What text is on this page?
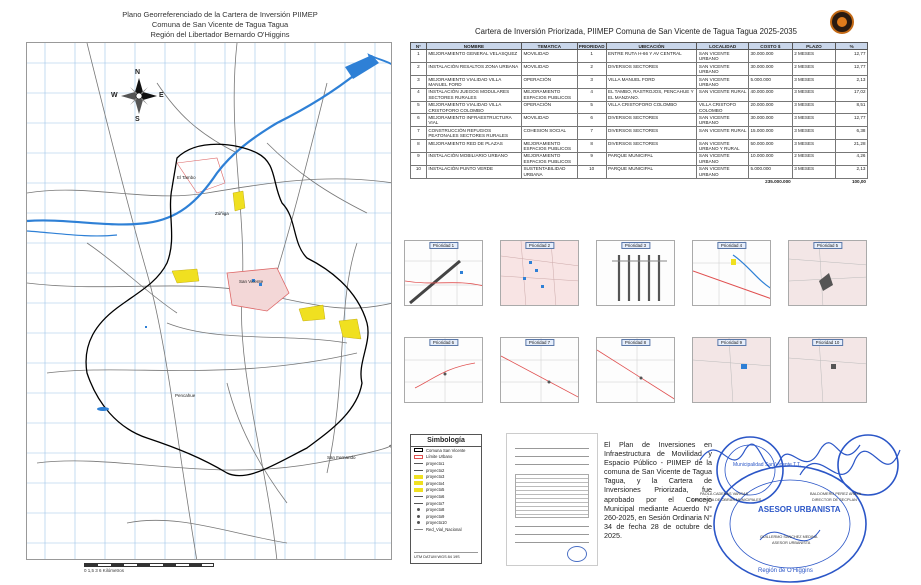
Plano Georreferenciado de la Cartera de Inversión PIIMEP
Comuna de San Vicente de Tagua Tagua
Región del Libertador Bernardo O'Higgins
N
S
E
W
San Vicente
El Tambo
Zúñiga
Pencahue
San Fernando
0 1,5 3 6 Kilómetros
Simbología
Comuna San Vicente
Límite Urbano
proyecto1
proyecto2
proyecto3
proyecto4
proyecto5
proyecto6
proyecto7
proyecto8
proyecto9
proyecto10
Red_Vial_Nacional
UTM DATUM WGS 84 19S
Cartera de Inversión Priorizada, PIIMEP Comuna de San Vicente de Tagua Tagua 2025-2035
N°	NOMBRE	TEMATICA	PRIORIDAD	UBICACIÓN	LOCALIDAD	COSTO $	PLAZO	%
1	MEJORAMIENTO GENERAL VELASQUEZ	MOVILIDAD	1	ENTRE RUTA H-66 Y AV CENTRAL	SAN VICENTE URBANO	30.000.000	2 MESES	12,77
2	INSTALACIÓN RESALTOS ZONA URBANA	MOVILIDAD	2	DIVERSOS SECTORES	SAN VICENTE URBANO	30.000.000	2 MESES	12,77
3	MEJORAMIENTO VIALIDAD VILLA MANUEL FORD	OPERACIÓN	3	VILLA MANUEL FORD	SAN VICENTE URBANO	5.000.000	3 MESES	2,13
4	INSTALACIÓN JUEGOS MODULARES SECTORES RURALES	MEJORAMIENTO ESPACIOS PUBLICOS	4	EL TAMBO, RASTROJOS, PENCAHUE Y EL MANZANO.	SAN VICENTE RURAL	40.000.000	3 MESES	17,02
5	MEJORAMIENTO VIALIDAD VILLA CRISTOFORO COLOMBO	OPERACIÓN	5	VILLA CRISTOFORO COLOMBO	VILLA CRISTOFO COLOMBO	20.000.000	3 MESES	8,51
6	MEJORAMIENTO INFRAESTRUCTURA VIAL	MOVILIDAD	6	DIVERSOS SECTORES	SAN VICENTE URBANO	30.000.000	3 MESES	12,77
7	CONSTRUCCIÓN REFUGIOS PEATONALES SECTORES RURALES	COHESION SOCIAL	7	DIVERSOS SECTORES	SAN VICENTE RURAL	15.000.000	3 MESES	6,38
8	MEJORAMIENTO RED DE PLAZAS	MEJORAMIENTO ESPACIOS PUBLICOS	8	DIVERSOS SECTORES	SAN VICENTE URBANO Y RURAL	50.000.000	3 MESES	21,28
9	INSTALACIÓN MOBILIARIO URBANO	MEJORAMIENTO ESPACIOS PUBLICOS	9	PARQUE MUNICIPAL	SAN VICENTE URBANO	10.000.000	2 MESES	4,26
10	INSTALACIÓN PUNTO VERDE	SUSTENTABILIDAD URBANA	10	PARQUE MUNICIPAL	SAN VICENTE URBANO	5.000.000	3 MESES	2,13
						235.000.000		100,00
Prioridad 1	Prioridad 2	Prioridad 3	Prioridad 4	Prioridad 5
Prioridad 6	Prioridad 7	Prioridad 8	Prioridad 9	Prioridad 10
El Plan de Inversiones en Infraestructura de Movilidad y Espacio Público - PIIMEP de la comuna de San Vicente de Tagua Tagua, y la Cartera de Inversiones Priorizada, fue aprobado por el Concejo Municipal mediante Acuerdo N° 260-2025, en Sesión Ordinaria N° 34 de fecha 28 de octubre de 2025.
Municipalidad San Vicente T.T.
ASESOR URBANISTA
Región de O'Higgins
PAOLA CADENAS VARGAS
DIRECTORA DE OBRAS MUNICIPALES
BALDOMERO PEREZ ARAYA
DIRECTOR DE SECPLAN
GUILLERMO SANCHEZ MEDINA
ASESOR URBANISTA
